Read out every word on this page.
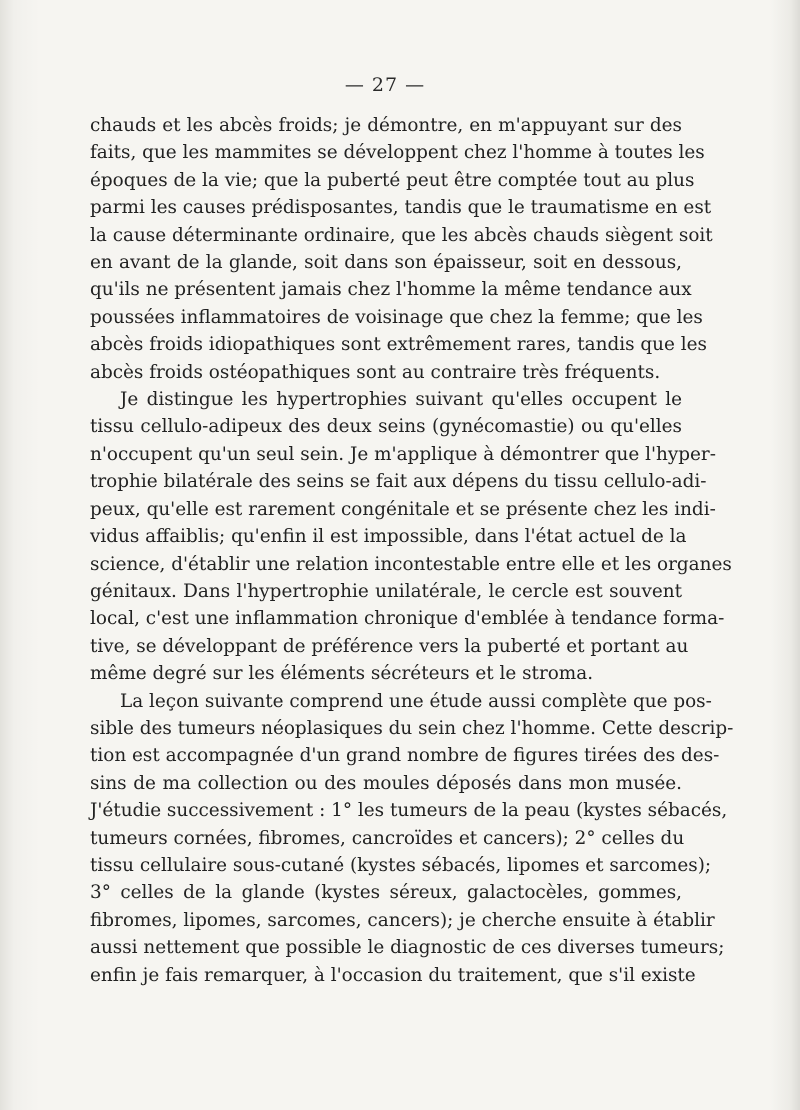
— 27 —
chauds et les abcès froids; je démontre, en m'appuyant sur des
faits, que les mammites se développent chez l'homme à toutes les
époques de la vie; que la puberté peut être comptée tout au plus
parmi les causes prédisposantes, tandis que le traumatisme en est
la cause déterminante ordinaire, que les abcès chauds siègent soit
en avant de la glande, soit dans son épaisseur, soit en dessous,
qu'ils ne présentent jamais chez l'homme la même tendance aux
poussées inflammatoires de voisinage que chez la femme; que les
abcès froids idiopathiques sont extrêmement rares, tandis que les
abcès froids ostéopathiques sont au contraire très fréquents.
Je distingue les hypertrophies suivant qu'elles occupent le
tissu cellulo-adipeux des deux seins (gynécomastie) ou qu'elles
n'occupent qu'un seul sein. Je m'applique à démontrer que l'hyper-
trophie bilatérale des seins se fait aux dépens du tissu cellulo-adi-
peux, qu'elle est rarement congénitale et se présente chez les indi-
vidus affaiblis; qu'enfin il est impossible, dans l'état actuel de la
science, d'établir une relation incontestable entre elle et les organes
génitaux. Dans l'hypertrophie unilatérale, le cercle est souvent
local, c'est une inflammation chronique d'emblée à tendance forma-
tive, se développant de préférence vers la puberté et portant au
même degré sur les éléments sécréteurs et le stroma.
La leçon suivante comprend une étude aussi complète que pos-
sible des tumeurs néoplasiques du sein chez l'homme. Cette descrip-
tion est accompagnée d'un grand nombre de figures tirées des des-
sins de ma collection ou des moules déposés dans mon musée.
J'étudie successivement : 1° les tumeurs de la peau (kystes sébacés,
tumeurs cornées, fibromes, cancroïdes et cancers); 2° celles du
tissu cellulaire sous-cutané (kystes sébacés, lipomes et sarcomes);
3° celles de la glande (kystes séreux, galactocèles, gommes,
fibromes, lipomes, sarcomes, cancers); je cherche ensuite à établir
aussi nettement que possible le diagnostic de ces diverses tumeurs;
enfin je fais remarquer, à l'occasion du traitement, que s'il existe
